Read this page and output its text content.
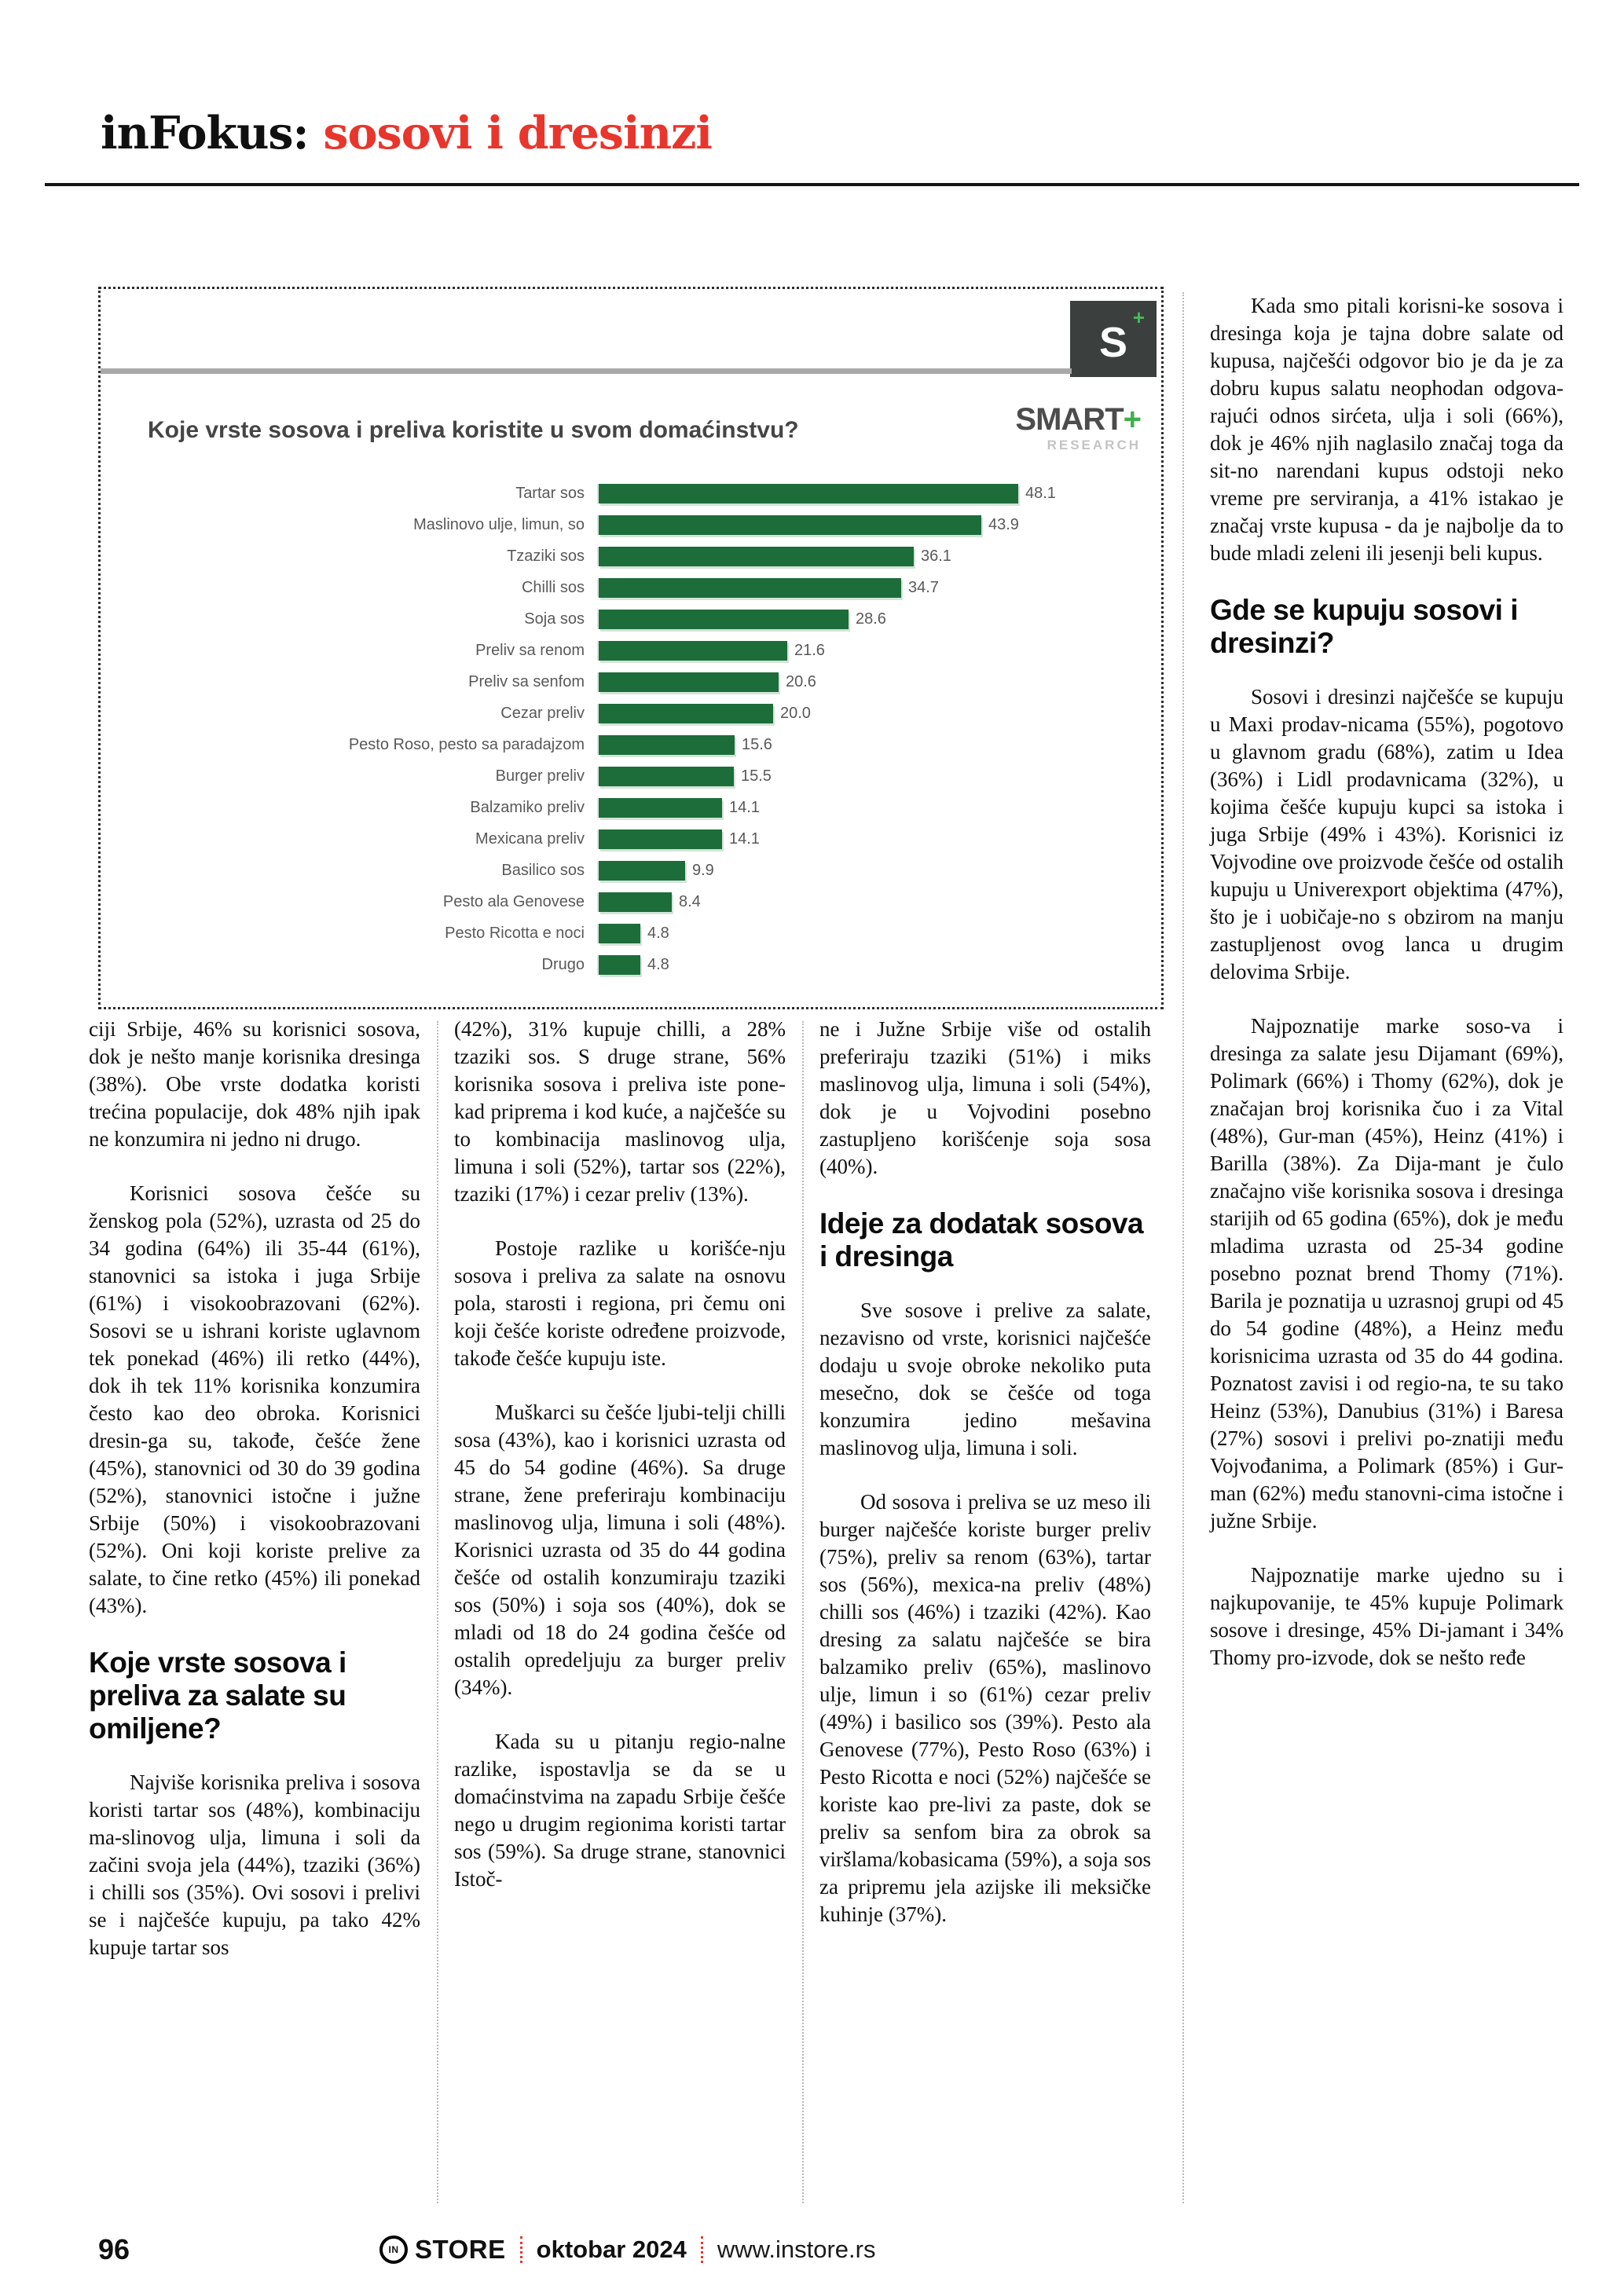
inFokus: sosovi i dresinzi
S
+
Koje vrste sosova i preliva koristite u svom domaćinstvu?	SMART+
RESEARCH
Tartar sos	48.1
Maslinovo ulje, limun, so	43.9
Tzaziki sos	36.1
Chilli sos	34.7
Soja sos	28.6
Preliv sa renom	21.6
Preliv sa senfom	20.6
Cezar preliv	20.0
Pesto Roso, pesto sa paradajzom	15.6
Burger preliv	15.5
Balzamiko preliv	14.1
Mexicana preliv	14.1
Basilico sos	9.9
Pesto ala Genovese	8.4
Pesto Ricotta e noci	4.8
Drugo	4.8

ciji Srbije, 46% su korisnici sosova, dok je nešto manje korisnika dresinga (38%). Obe vrste dodatka koristi trećina populacije, dok 48% njih ipak ne konzumira ni jedno ni drugo.

Korisnici sosova češće su ženskog pola (52%), uzrasta od 25 do 34 godina (64%) ili 35-44 (61%), stanovnici sa istoka i juga Srbije (61%) i visokoobrazovani (62%). Sosovi se u ishrani koriste uglavnom tek ponekad (46%) ili retko (44%), dok ih tek 11% korisnika konzumira često kao deo obroka. Korisnici dresin-ga su, takođe, češće žene (45%), stanovnici od 30 do 39 godina (52%), stanovnici istočne i južne Srbije (50%) i visokoobrazovani (52%). Oni koji koriste prelive za salate, to čine retko (45%) ili ponekad (43%).

Koje vrste sosova i preliva za salate su omiljene?

Najviše korisnika preliva i sosova koristi tartar sos (48%), kombinaciju ma-slinovog ulja, limuna i soli da začini svoja jela (44%), tzaziki (36%) i chilli sos (35%). Ovi sosovi i prelivi se i najčešće kupuju, pa tako 42% kupuje tartar sos

(42%), 31% kupuje chilli, a 28% tzaziki sos. S druge strane, 56% korisnika sosova i preliva iste pone-kad priprema i kod kuće, a najčešće su to kombinacija maslinovog ulja, limuna i soli (52%), tartar sos (22%), tzaziki (17%) i cezar preliv (13%).

Postoje razlike u korišće-nju sosova i preliva za salate na osnovu pola, starosti i regiona, pri čemu oni koji češće koriste određene proizvode, takođe češće kupuju iste.

Muškarci su češće ljubi-telji chilli sosa (43%), kao i korisnici uzrasta od 45 do 54 godine (46%). Sa druge strane, žene preferiraju kombinaciju maslinovog ulja, limuna i soli (48%). Korisnici uzrasta od 35 do 44 godina češće od ostalih konzumiraju tzaziki sos (50%) i soja sos (40%), dok se mladi od 18 do 24 godina češće od ostalih opredeljuju za burger preliv (34%).

Kada su u pitanju regio-nalne razlike, ispostavlja se da se u domaćinstvima na zapadu Srbije češće nego u drugim regionima koristi tartar sos (59%). Sa druge strane, stanovnici Istoč-

ne i Južne Srbije više od ostalih preferiraju tzaziki (51%) i miks maslinovog ulja, limuna i soli (54%), dok je u Vojvodini posebno zastupljeno korišćenje soja sosa (40%).

Ideje za dodatak sosova i dresinga

Sve sosove i prelive za salate, nezavisno od vrste, korisnici najčešće dodaju u svoje obroke nekoliko puta mesečno, dok se češće od toga konzumira jedino mešavina maslinovog ulja, limuna i soli.

Od sosova i preliva se uz meso ili burger najčešće koriste burger preliv (75%), preliv sa renom (63%), tartar sos (56%), mexica-na preliv (48%) chilli sos (46%) i tzaziki (42%). Kao dresing za salatu najčešće se bira balzamiko preliv (65%), maslinovo ulje, limun i so (61%) cezar preliv (49%) i basilico sos (39%). Pesto ala Genovese (77%), Pesto Roso (63%) i Pesto Ricotta e noci (52%) najčešće se koriste kao pre-livi za paste, dok se preliv sa senfom bira za obrok sa viršlama/kobasicama (59%), a soja sos za pripremu jela azijske ili meksičke kuhinje (37%).

Kada smo pitali korisni-ke sosova i dresinga koja je tajna dobre salate od kupusa, najčešći odgovor bio je da je za dobru kupus salatu neophodan odgova-rajući odnos sirćeta, ulja i soli (66%), dok je 46% njih naglasilo značaj toga da sit-no narendani kupus odstoji neko vreme pre serviranja, a 41% istakao je značaj vrste kupusa - da je najbolje da to bude mladi zeleni ili jesenji beli kupus.

Gde se kupuju sosovi i dresinzi?

Sosovi i dresinzi najčešće se kupuju u Maxi prodav-nicama (55%), pogotovo u glavnom gradu (68%), zatim u Idea (36%) i Lidl prodavnicama (32%), u kojima češće kupuju kupci sa istoka i juga Srbije (49% i 43%). Korisnici iz Vojvodine ove proizvode češće od ostalih kupuju u Univerexport objektima (47%), što je i uobičaje-no s obzirom na manju zastupljenost ovog lanca u drugim delovima Srbije.

Najpoznatije marke soso-va i dresinga za salate jesu Dijamant (69%), Polimark (66%) i Thomy (62%), dok je značajan broj korisnika čuo i za Vital (48%), Gur-man (45%), Heinz (41%) i Barilla (38%). Za Dija-mant je čulo značajno više korisnika sosova i dresinga starijih od 65 godina (65%), dok je među mladima uzrasta od 25-34 godine posebno poznat brend Thomy (71%). Barila je poznatija u uzrasnoj grupi od 45 do 54 godine (48%), a Heinz među korisnicima uzrasta od 35 do 44 godina. Poznatost zavisi i od regio-na, te su tako Heinz (53%), Danubius (31%) i Baresa (27%) sosovi i prelivi po-znatiji među Vojvođanima, a Polimark (85%) i Gur-man (62%) među stanovni-cima istočne i južne Srbije.

Najpoznatije marke ujedno su i najkupovanije, te 45% kupuje Polimark sosove i dresinge, 45% Di-jamant i 34% Thomy pro-izvode, dok se nešto ređe

96	IN STORE oktobar 2024 www.instore.rs
